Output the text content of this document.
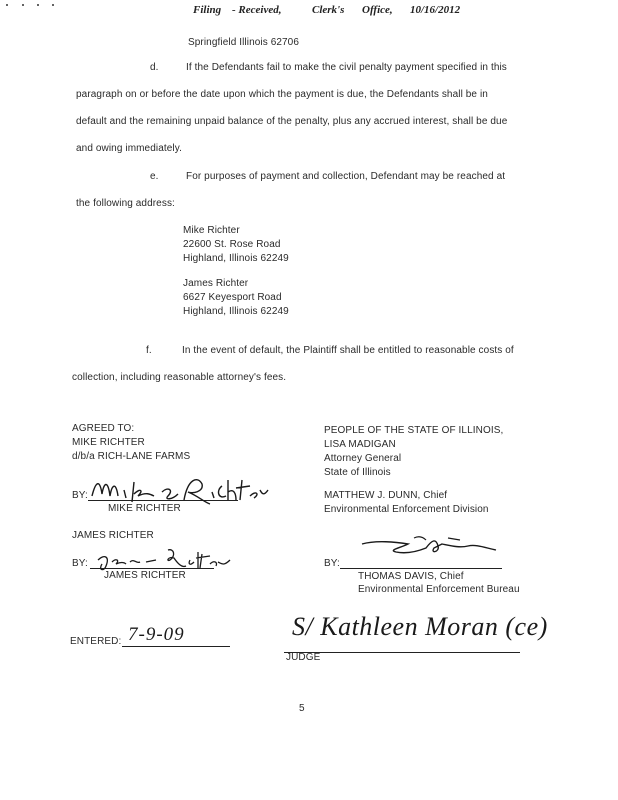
Filing - Received,	Clerk's Office, 10/16/2012
Springfield Illinois 62706
d.	If the Defendants fail to make the civil penalty payment specified in this
paragraph on or before the date upon which the payment is due, the Defendants shall be in
default and the remaining unpaid balance of the penalty, plus any accrued interest, shall be due
and owing immediately.
e.	For purposes of payment and collection, Defendant may be reached at
the following address:
Mike Richter
22600 St. Rose Road
Highland, Illinois 62249
James Richter
6627 Keyesport Road
Highland, Illinois 62249
f.	In the event of default, the Plaintiff shall be entitled to reasonable costs of
collection, including reasonable attorney's fees.
AGREED TO:
MIKE RICHTER
d/b/a RICH-LANE FARMS
BY:
MIKE RICHTER
JAMES RICHTER
BY:
JAMES RICHTER
PEOPLE OF THE STATE OF ILLINOIS,
LISA MADIGAN
Attorney General
State of Illinois
MATTHEW J. DUNN, Chief
Environmental Enforcement Division
BY:
THOMAS DAVIS, Chief
Environmental Enforcement Bureau
ENTERED: 7-9-09	S/ Kathleen Moran (ce)
JUDGE
5
